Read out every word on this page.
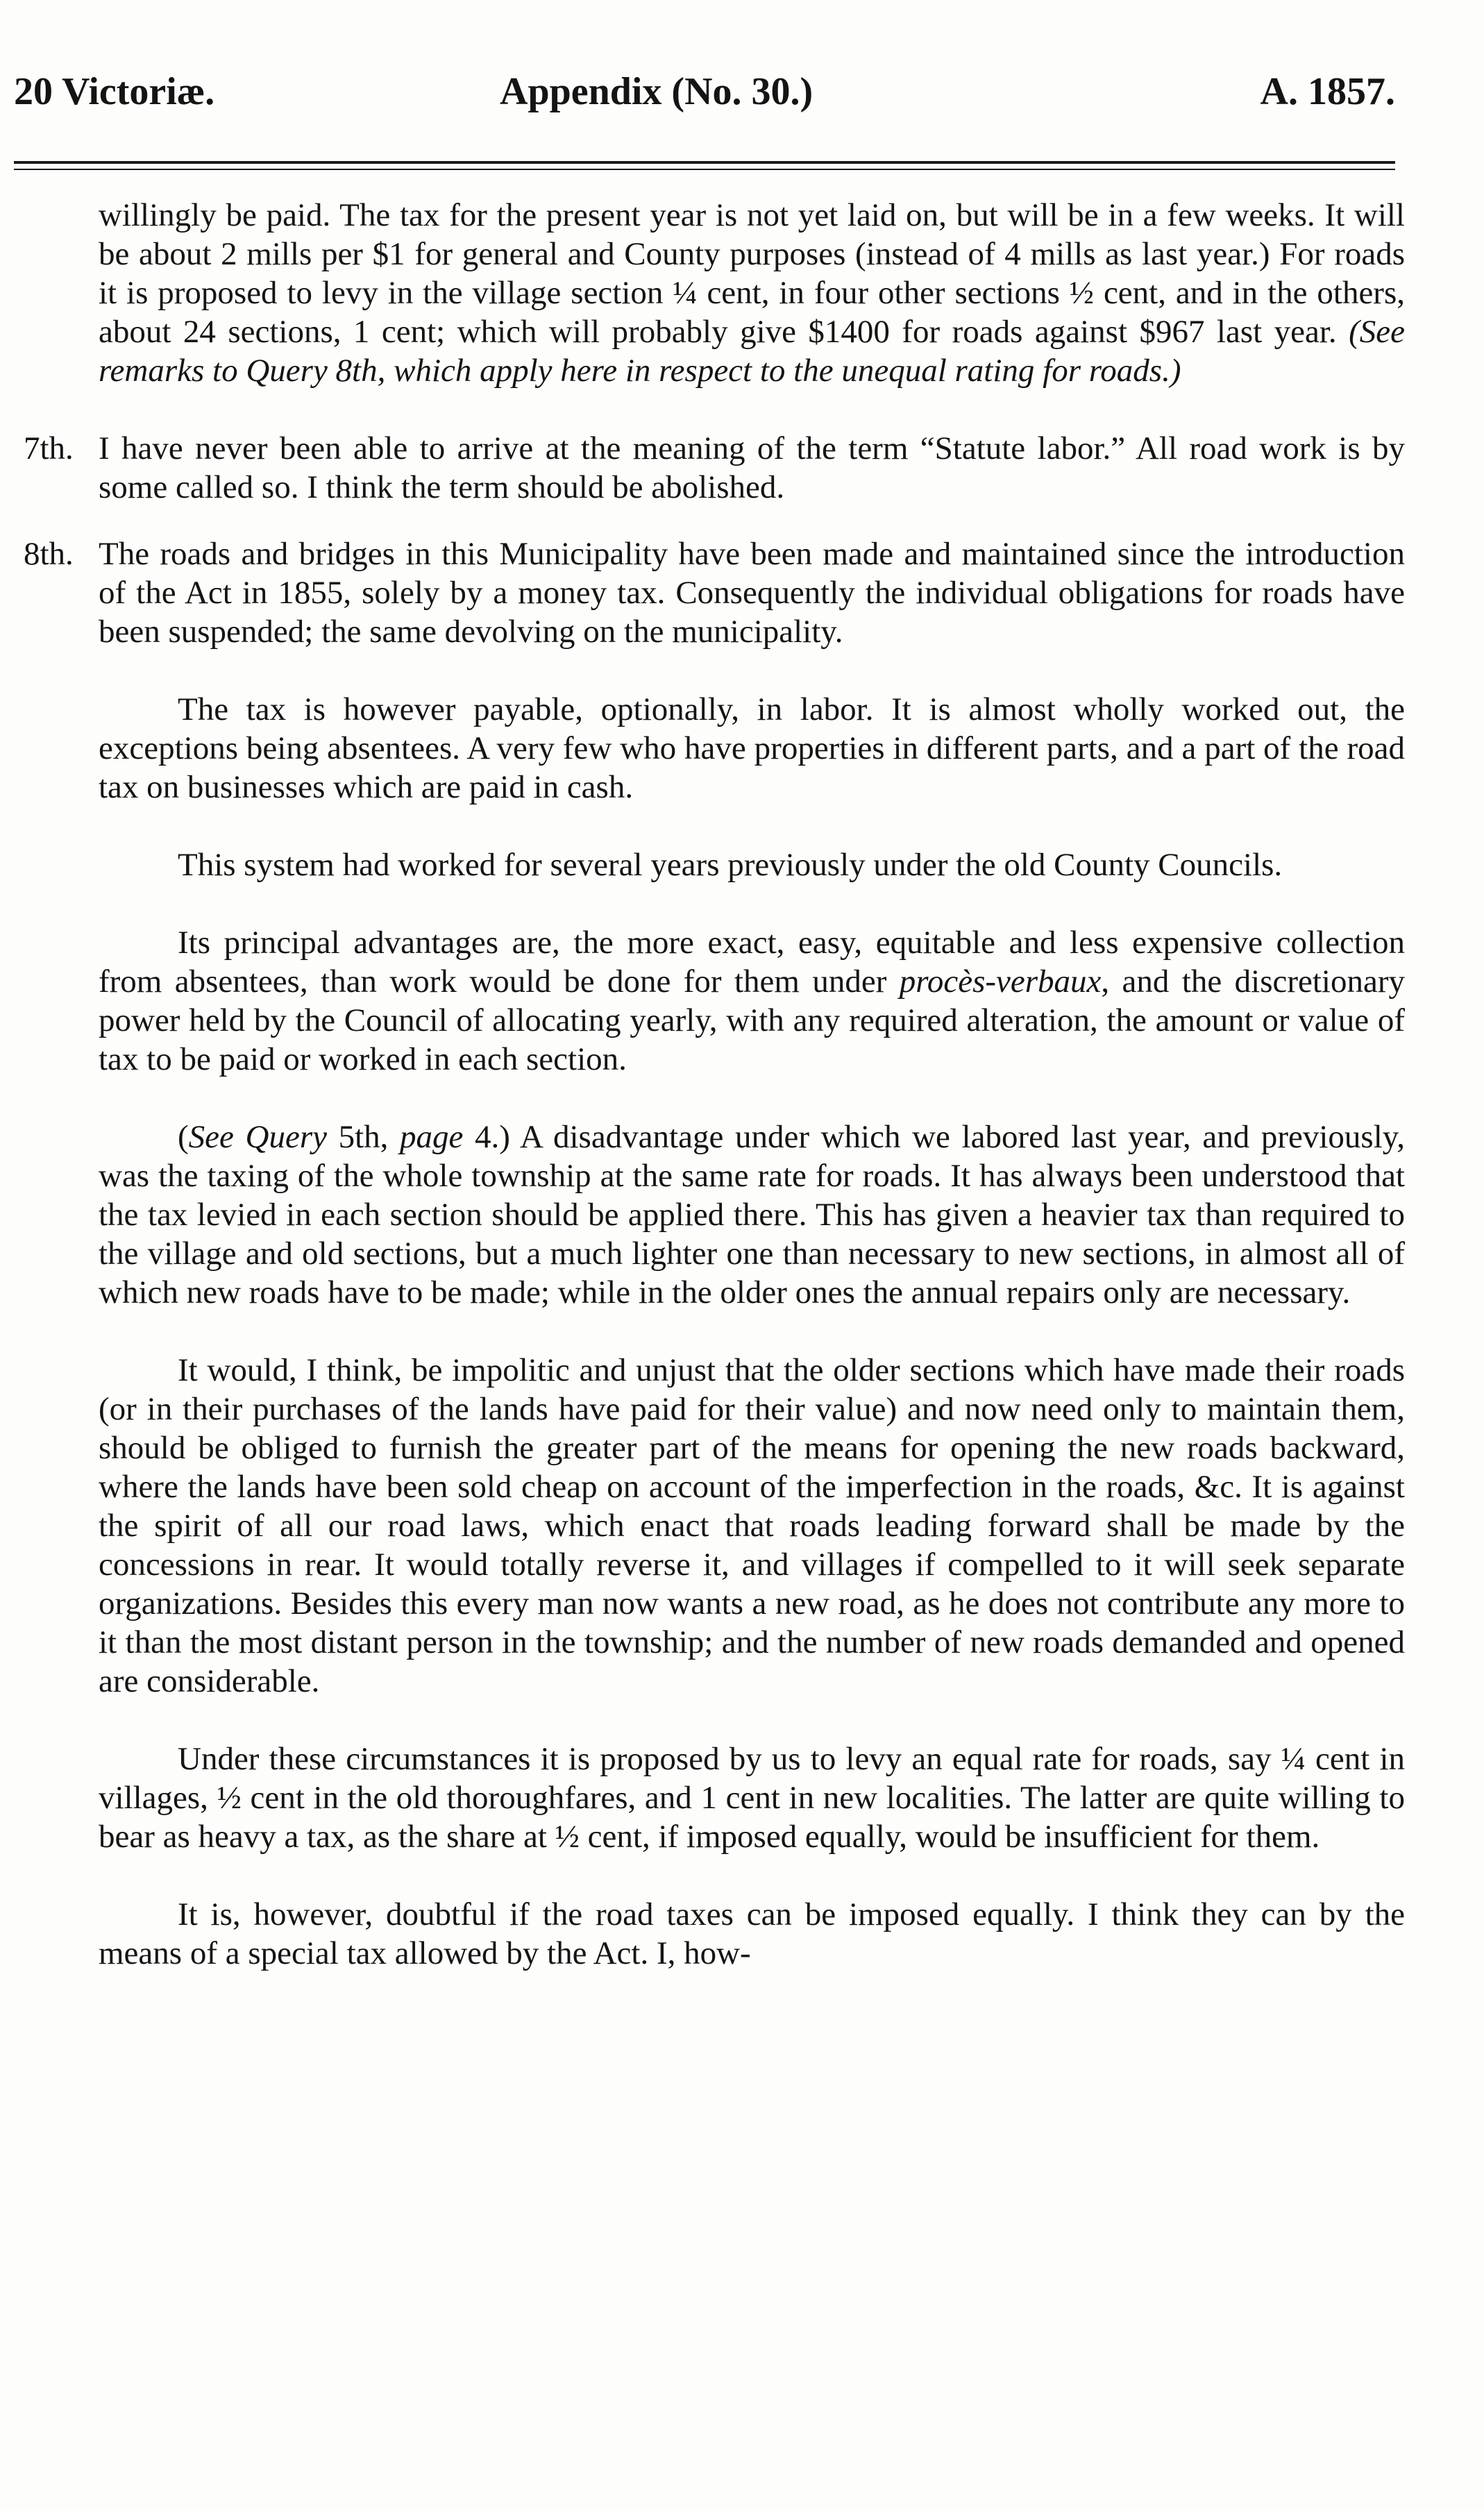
20 Victoriæ.	Appendix (No. 30.)	A. 1857.

willingly be paid. The tax for the present year is not yet laid on, but will be in a few weeks. It will be about 2 mills per $1 for general and County purposes (instead of 4 mills as last year.) For roads it is proposed to levy in the village section ¼ cent, in four other sections ½ cent, and in the others, about 24 sections, 1 cent; which will probably give $1400 for roads against $967 last year. (See remarks to Query 8th, which apply here in respect to the unequal rating for roads.)

7th. I have never been able to arrive at the meaning of the term “Statute labor.” All road work is by some called so. I think the term should be abolished.

8th. The roads and bridges in this Municipality have been made and maintained since the introduction of the Act in 1855, solely by a money tax. Consequently the individual obligations for roads have been suspended; the same devolving on the municipality.

The tax is however payable, optionally, in labor. It is almost wholly worked out, the exceptions being absentees. A very few who have properties in different parts, and a part of the road tax on businesses which are paid in cash.

This system had worked for several years previously under the old County Councils.

Its principal advantages are, the more exact, easy, equitable and less expensive collection from absentees, than work would be done for them under procès-verbaux, and the discretionary power held by the Council of allocating yearly, with any required alteration, the amount or value of tax to be paid or worked in each section.

(See Query 5th, page 4.) A disadvantage under which we labored last year, and previously, was the taxing of the whole township at the same rate for roads. It has always been understood that the tax levied in each section should be applied there. This has given a heavier tax than required to the village and old sections, but a much lighter one than necessary to new sections, in almost all of which new roads have to be made; while in the older ones the annual repairs only are necessary.

It would, I think, be impolitic and unjust that the older sections which have made their roads (or in their purchases of the lands have paid for their value) and now need only to maintain them, should be obliged to furnish the greater part of the means for opening the new roads backward, where the lands have been sold cheap on account of the imperfection in the roads, &c. It is against the spirit of all our road laws, which enact that roads leading forward shall be made by the concessions in rear. It would totally reverse it, and villages if compelled to it will seek separate organizations. Besides this every man now wants a new road, as he does not contribute any more to it than the most distant person in the township; and the number of new roads demanded and opened are considerable.

Under these circumstances it is proposed by us to levy an equal rate for roads, say ¼ cent in villages, ½ cent in the old thoroughfares, and 1 cent in new localities. The latter are quite willing to bear as heavy a tax, as the share at ½ cent, if imposed equally, would be insufficient for them.

It is, however, doubtful if the road taxes can be imposed equally. I think they can by the means of a special tax allowed by the Act. I, how-
